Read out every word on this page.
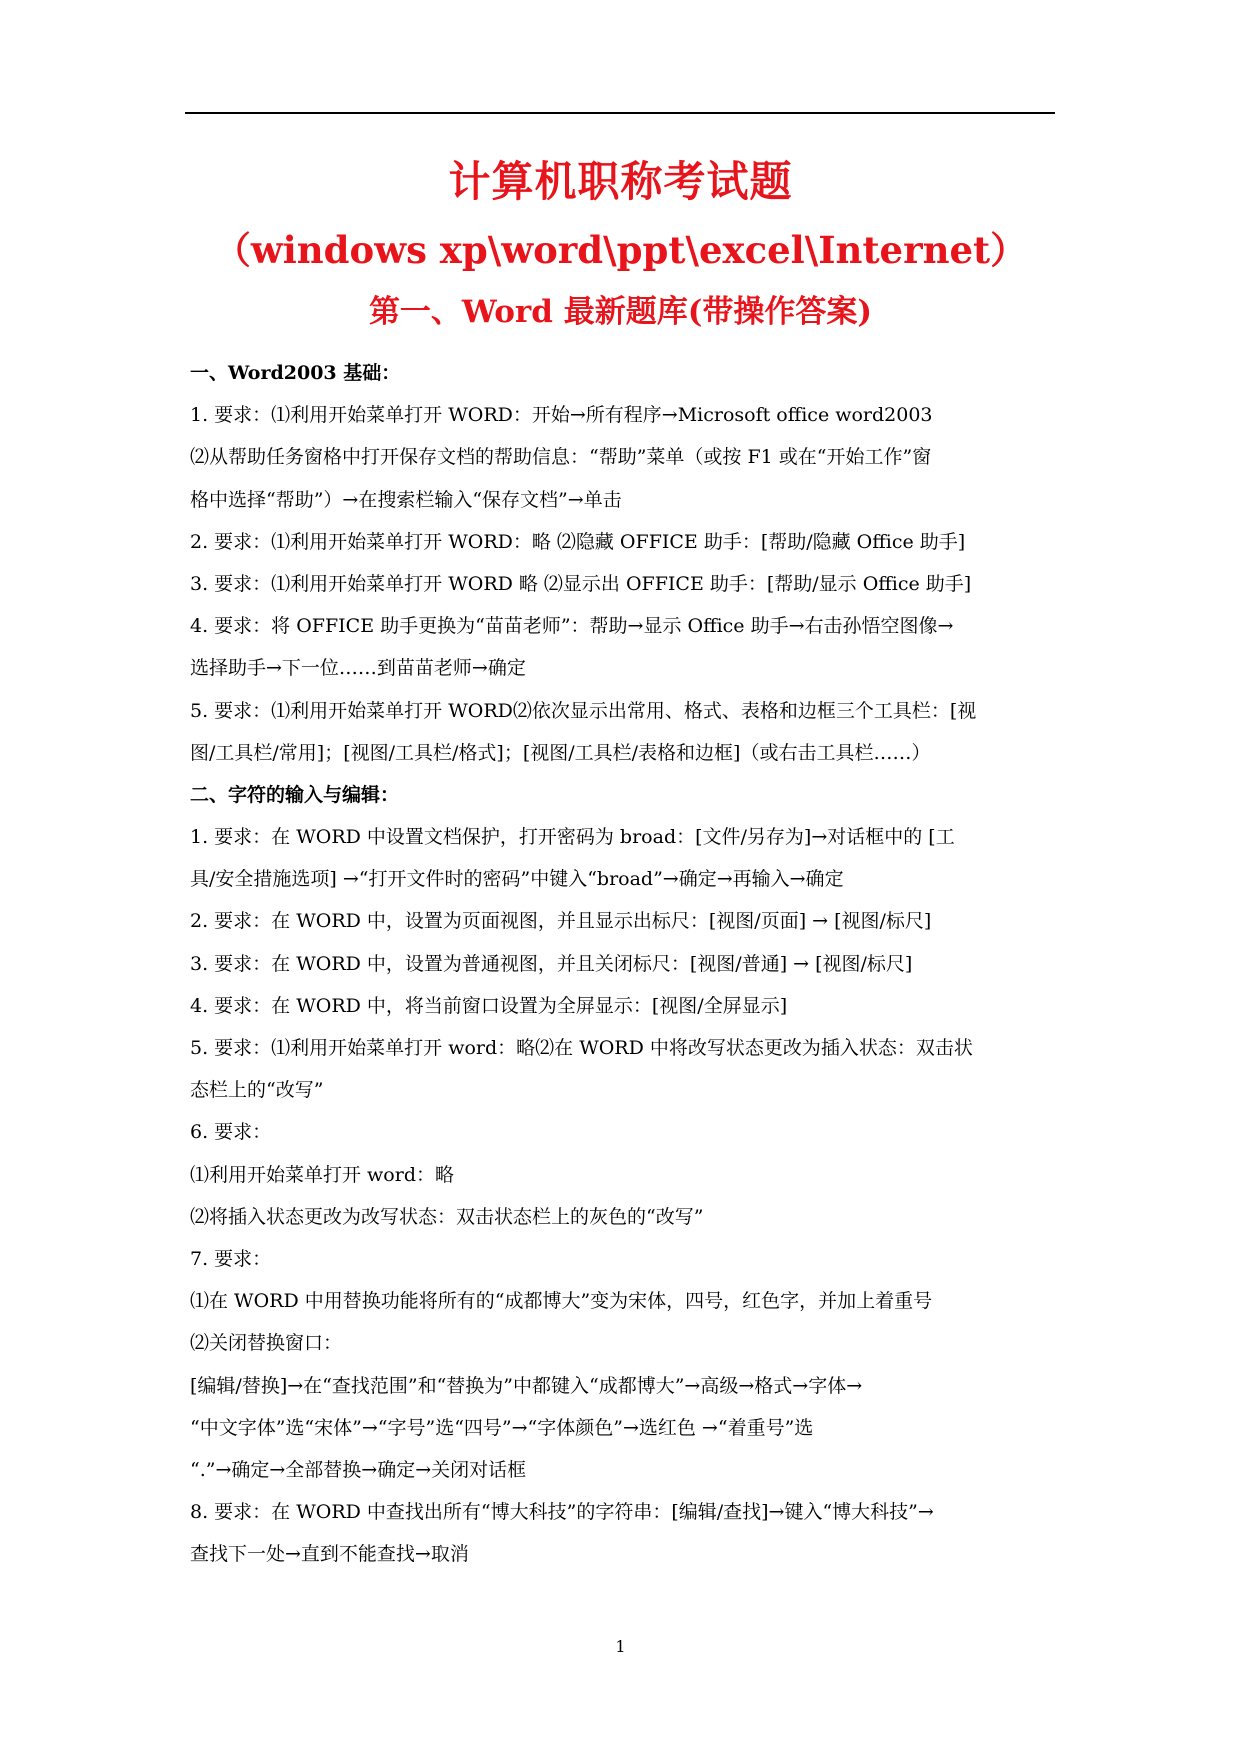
计算机职称考试题
（windows xp\word\ppt\excel\Internet）
第一、Word 最新题库(带操作答案)
一、Word2003 基础：
1. 要求：⑴利用开始菜单打开 WORD：开始→所有程序→Microsoft office word2003
⑵从帮助任务窗格中打开保存文档的帮助信息：“帮助”菜单（或按 F1 或在“开始工作”窗
格中选择“帮助”）→在搜索栏输入“保存文档”→单击
2. 要求：⑴利用开始菜单打开 WORD：略 ⑵隐藏 OFFICE 助手：[帮助/隐藏 Office 助手]
3. 要求：⑴利用开始菜单打开 WORD 略 ⑵显示出 OFFICE 助手：[帮助/显示 Office 助手]
4. 要求：将 OFFICE 助手更换为“苗苗老师”：帮助→显示 Office 助手→右击孙悟空图像→
选择助手→下一位……到苗苗老师→确定
5. 要求：⑴利用开始菜单打开 WORD⑵依次显示出常用、格式、表格和边框三个工具栏：[视
图/工具栏/常用]；[视图/工具栏/格式]；[视图/工具栏/表格和边框]（或右击工具栏……）
二、字符的输入与编辑：
1. 要求：在 WORD 中设置文档保护，打开密码为 broad：[文件/另存为]→对话框中的 [工
具/安全措施选项] →“打开文件时的密码”中键入“broad”→确定→再输入→确定
2. 要求：在 WORD 中，设置为页面视图，并且显示出标尺：[视图/页面] → [视图/标尺]
3. 要求：在 WORD 中，设置为普通视图，并且关闭标尺：[视图/普通] → [视图/标尺]
4. 要求：在 WORD 中，将当前窗口设置为全屏显示：[视图/全屏显示]
5. 要求：⑴利用开始菜单打开 word：略⑵在 WORD 中将改写状态更改为插入状态：双击状
态栏上的“改写”
6. 要求：
⑴利用开始菜单打开 word：略
⑵将插入状态更改为改写状态：双击状态栏上的灰色的“改写”
7. 要求：
⑴在 WORD 中用替换功能将所有的“成都博大”变为宋体，四号，红色字，并加上着重号
⑵关闭替换窗口：
[编辑/替换]→在“查找范围”和“替换为”中都键入“成都博大”→高级→格式→字体→
“中文字体”选“宋体”→“字号”选“四号”→“字体颜色”→选红色 →“着重号”选
“.”→确定→全部替换→确定→关闭对话框
8. 要求：在 WORD 中查找出所有“博大科技”的字符串：[编辑/查找]→键入“博大科技”→
查找下一处→直到不能查找→取消
1
